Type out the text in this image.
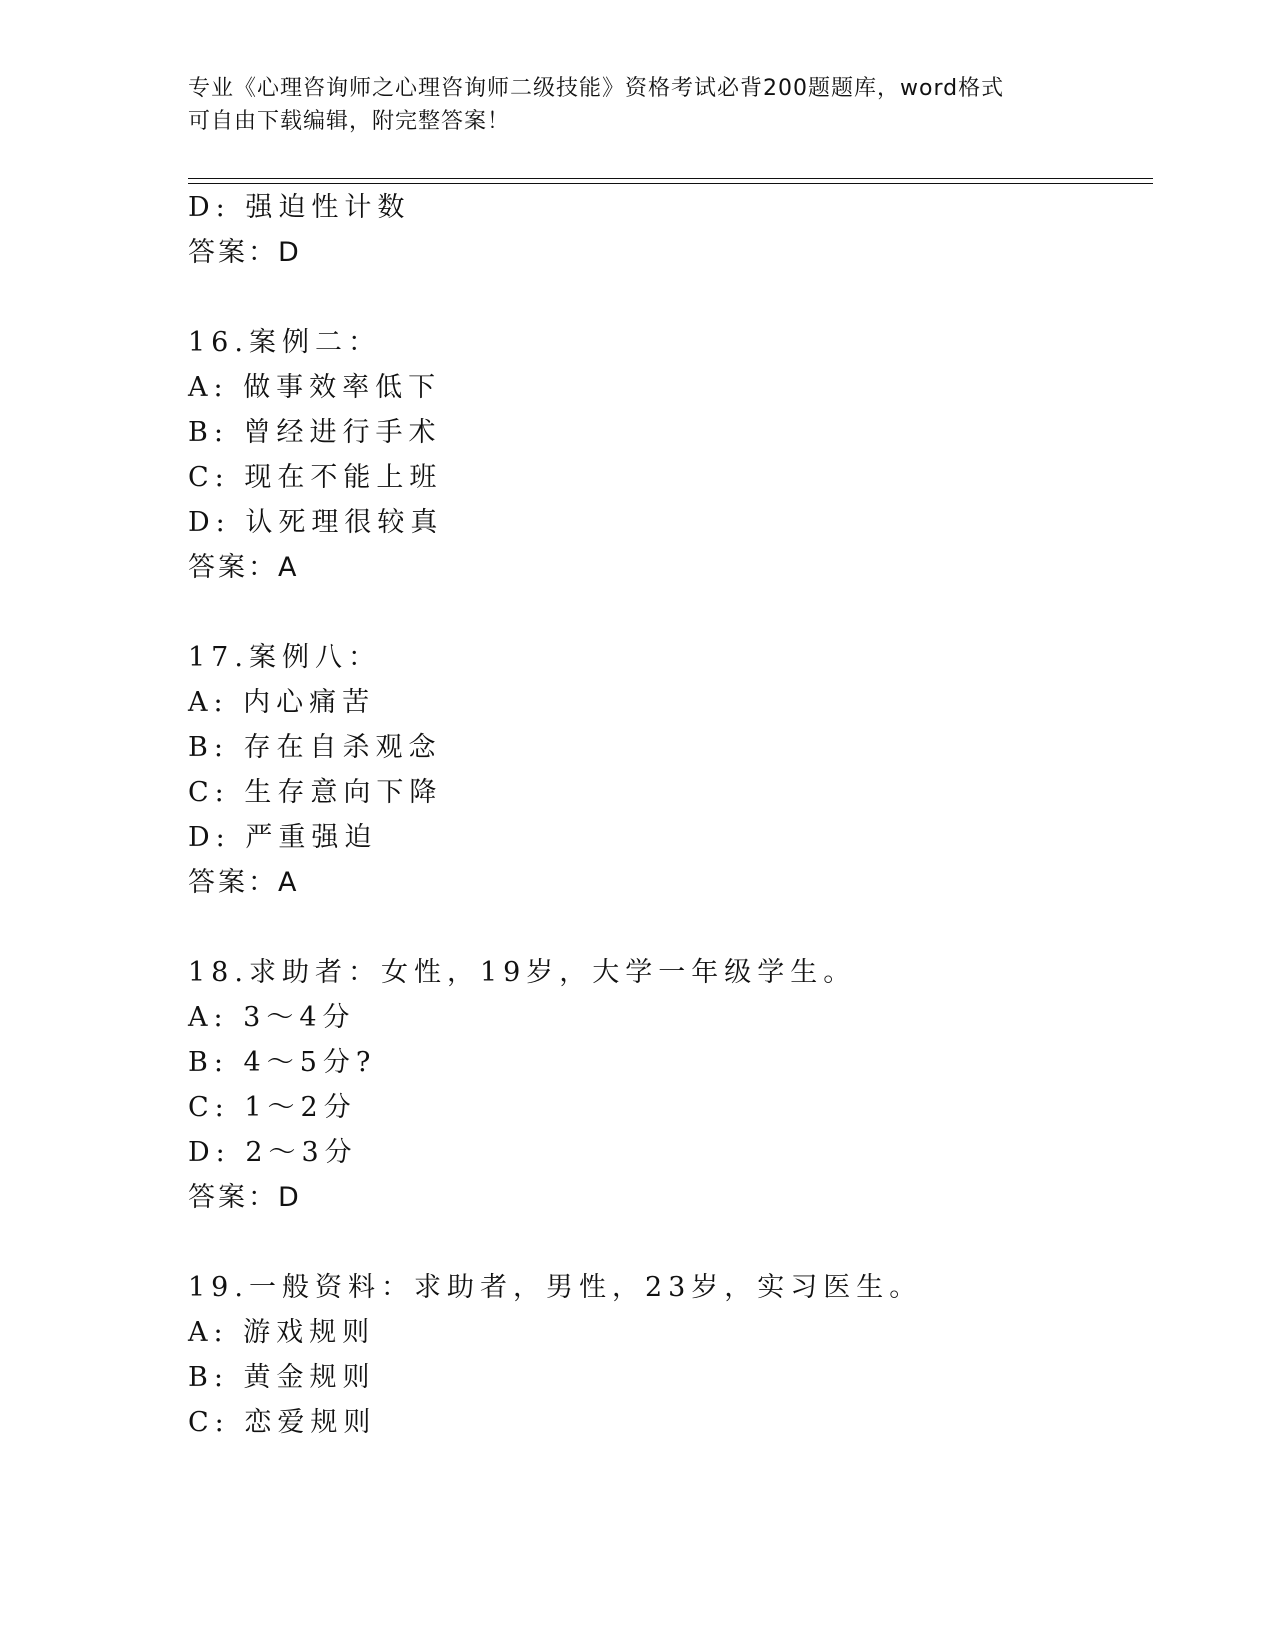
专业《心理咨询师之心理咨询师二级技能》资格考试必背200题题库，word格式
可自由下载编辑，附完整答案！
D: 强迫性计数
答案：D
16.案例二：
A: 做事效率低下
B: 曾经进行手术
C: 现在不能上班
D: 认死理很较真
答案：A
17.案例八：
A: 内心痛苦
B: 存在自杀观念
C: 生存意向下降
D: 严重强迫
答案：A
18.求助者：女性，19岁，大学一年级学生。
A: 3～4分
B: 4～5分?
C: 1～2分
D: 2～3分
答案：D
19.一般资料：求助者，男性，23岁，实习医生。
A: 游戏规则
B: 黄金规则
C: 恋爱规则
